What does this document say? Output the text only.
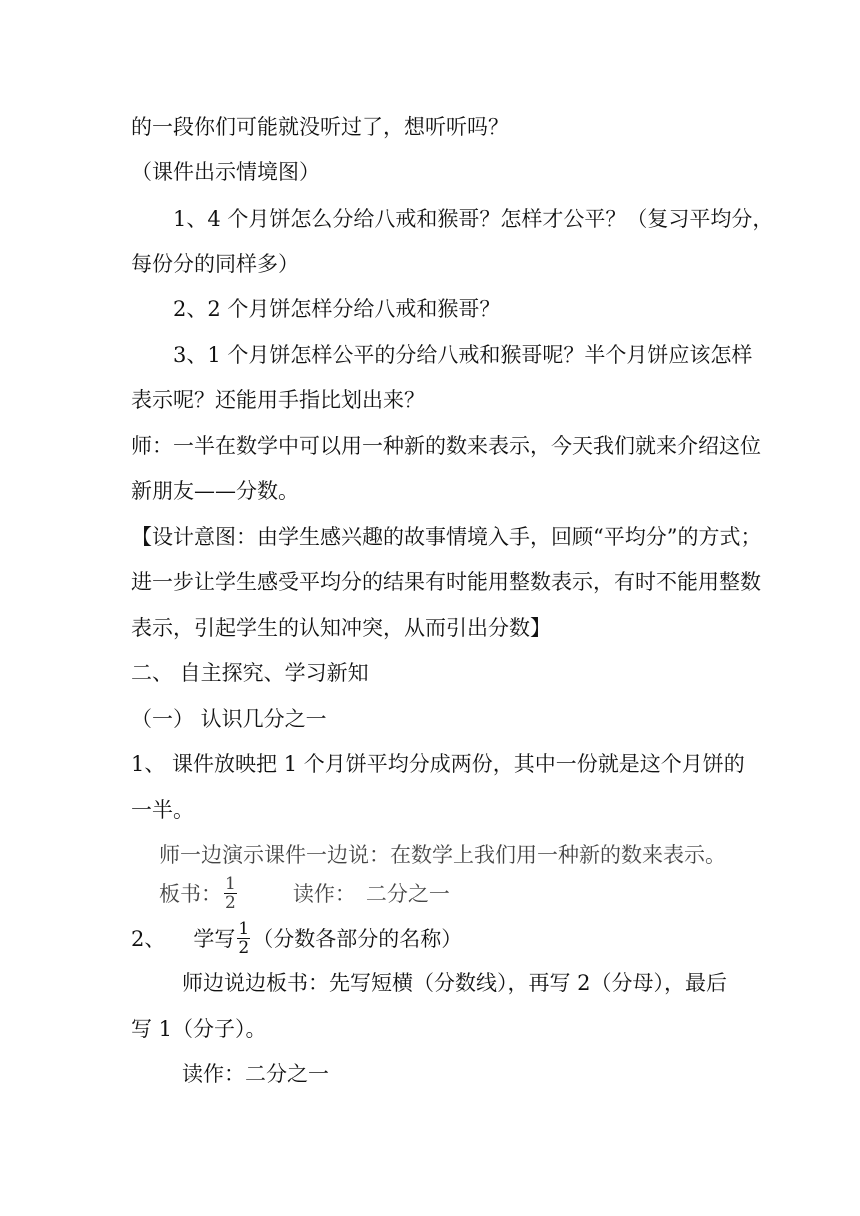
的一段你们可能就没听过了，想听听吗？
（课件出示情境图）
1、4 个月饼怎么分给八戒和猴哥？怎样才公平？（复习平均分，
每份分的同样多）
2、2 个月饼怎样分给八戒和猴哥？
3、1 个月饼怎样公平的分给八戒和猴哥呢？半个月饼应该怎样
表示呢？还能用手指比划出来？
师：一半在数学中可以用一种新的数来表示，今天我们就来介绍这位
新朋友——分数。
【设计意图：由学生感兴趣的故事情境入手，回顾“平均分”的方式；
进一步让学生感受平均分的结果有时能用整数表示，有时不能用整数
表示，引起学生的认知冲突，从而引出分数】
二、 自主探究、学习新知
（一） 认识几分之一
1、 课件放映把 1 个月饼平均分成两份，其中一份就是这个月饼的
一半。
师一边演示课件一边说：在数学上我们用一种新的数来表示。
板书： $\frac{1}{2}$	读作： 二分之一
2、 学写 $\frac{1}{2}$ （分数各部分的名称）
师边说边板书：先写短横（分数线），再写 2（分母），最后
写 1（分子）。
读作：二分之一
